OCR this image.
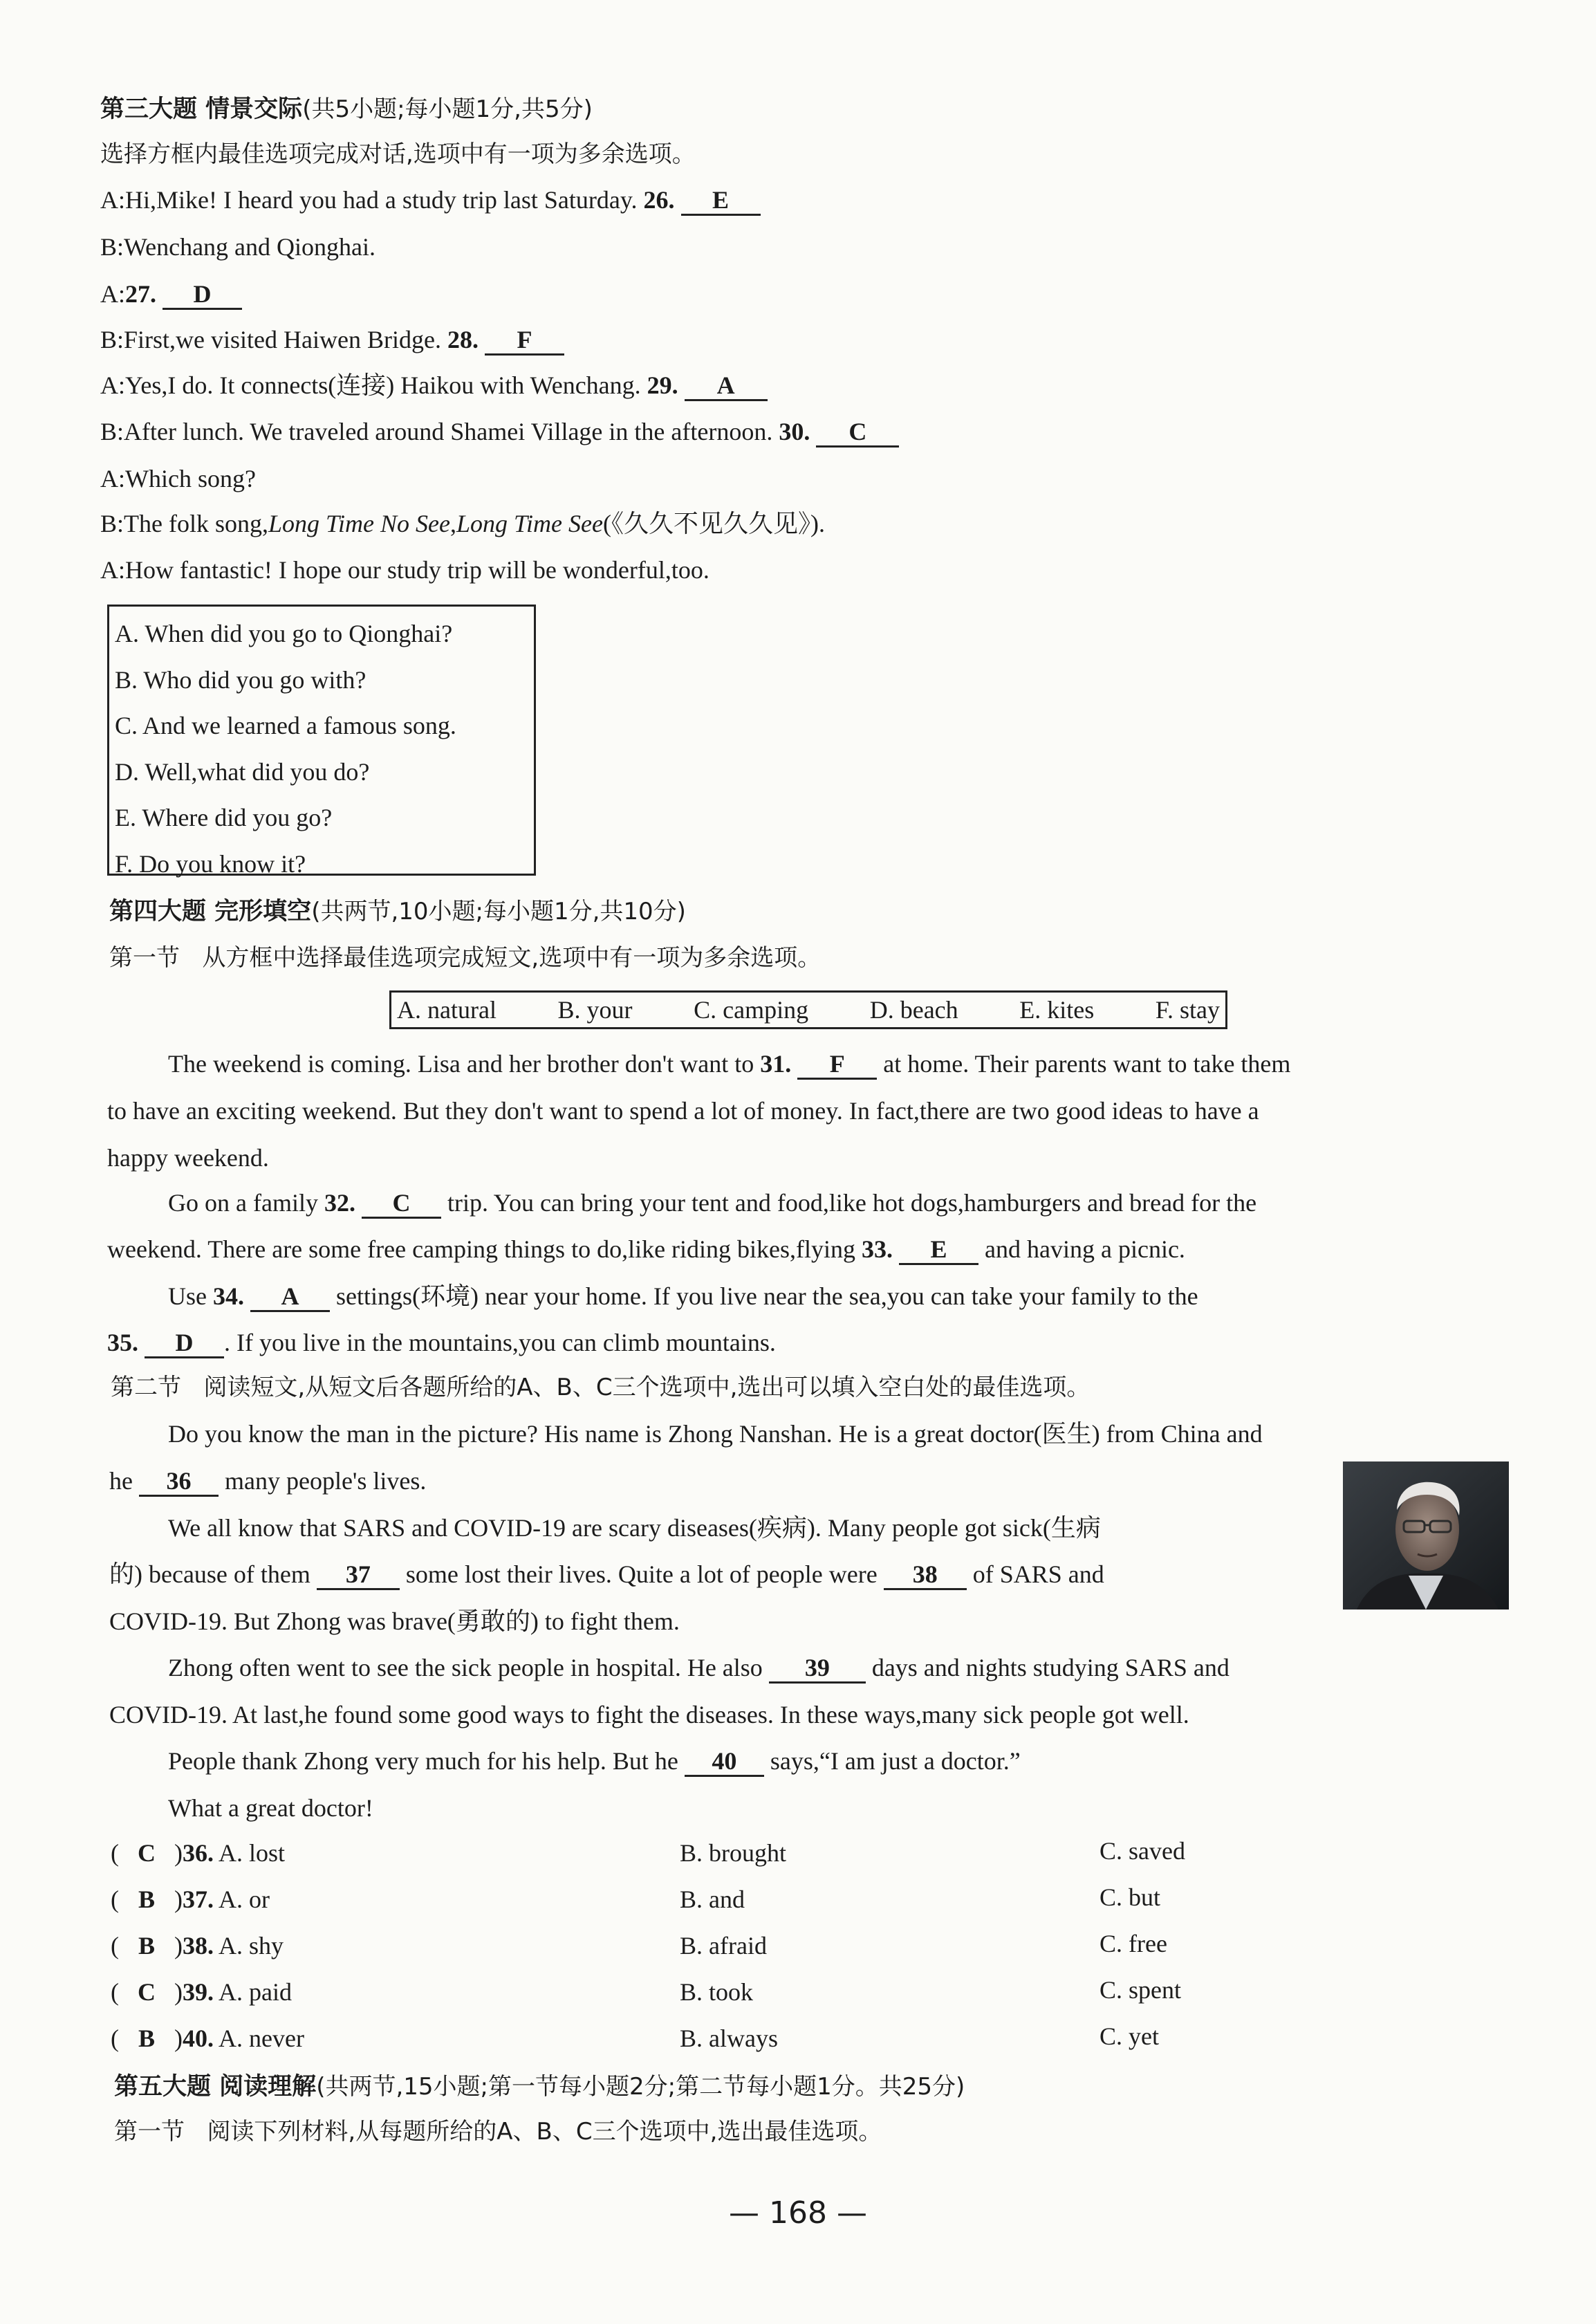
第三大题 情景交际(共5小题;每小题1分,共5分)
选择方框内最佳选项完成对话,选项中有一项为多余选项。
A:Hi,Mike! I heard you had a study trip last Saturday. 26. E
B:Wenchang and Qionghai.
A:27. D
B:First,we visited Haiwen Bridge. 28. F
A:Yes,I do. It connects(连接) Haikou with Wenchang. 29. A
B:After lunch. We traveled around Shamei Village in the afternoon. 30. C
A:Which song?
B:The folk song,Long Time No See,Long Time See(《久久不见久久见》).
A:How fantastic! I hope our study trip will be wonderful,too.
A. When did you go to Qionghai?
B. Who did you go with?
C. And we learned a famous song.
D. Well,what did you do?
E. Where did you go?
F. Do you know it?
第四大题 完形填空(共两节,10小题;每小题1分,共10分)
第一节 从方框中选择最佳选项完成短文,选项中有一项为多余选项。
A. natural B. your C. camping D. beach E. kites F. stay
The weekend is coming. Lisa and her brother don't want to 31. F at home. Their parents want to take them
to have an exciting weekend. But they don't want to spend a lot of money. In fact,there are two good ideas to have a
happy weekend.
Go on a family 32. C trip. You can bring your tent and food,like hot dogs,hamburgers and bread for the
weekend. There are some free camping things to do,like riding bikes,flying 33. E and having a picnic.
Use 34. A settings(环境) near your home. If you live near the sea,you can take your family to the
35. D . If you live in the mountains,you can climb mountains.
第二节 阅读短文,从短文后各题所给的A、B、C三个选项中,选出可以填入空白处的最佳选项。
Do you know the man in the picture? His name is Zhong Nanshan. He is a great doctor(医生) from China and
he 36 many people's lives.
We all know that SARS and COVID-19 are scary diseases(疾病). Many people got sick(生病
的) because of them 37 some lost their lives. Quite a lot of people were 38 of SARS and
COVID-19. But Zhong was brave(勇敢的) to fight them.
Zhong often went to see the sick people in hospital. He also 39 days and nights studying SARS and
COVID-19. At last,he found some good ways to fight the diseases. In these ways,many sick people got well.
People thank Zhong very much for his help. But he 40 says,“I am just a doctor.”
What a great doctor!
( C )36. A. lost	B. brought	C. saved
( B )37. A. or	B. and	C. but
( B )38. A. shy	B. afraid	C. free
( C )39. A. paid	B. took	C. spent
( B )40. A. never	B. always	C. yet
第五大题 阅读理解(共两节,15小题;第一节每小题2分;第二节每小题1分。共25分)
第一节 阅读下列材料,从每题所给的A、B、C三个选项中,选出最佳选项。
— 168 —
